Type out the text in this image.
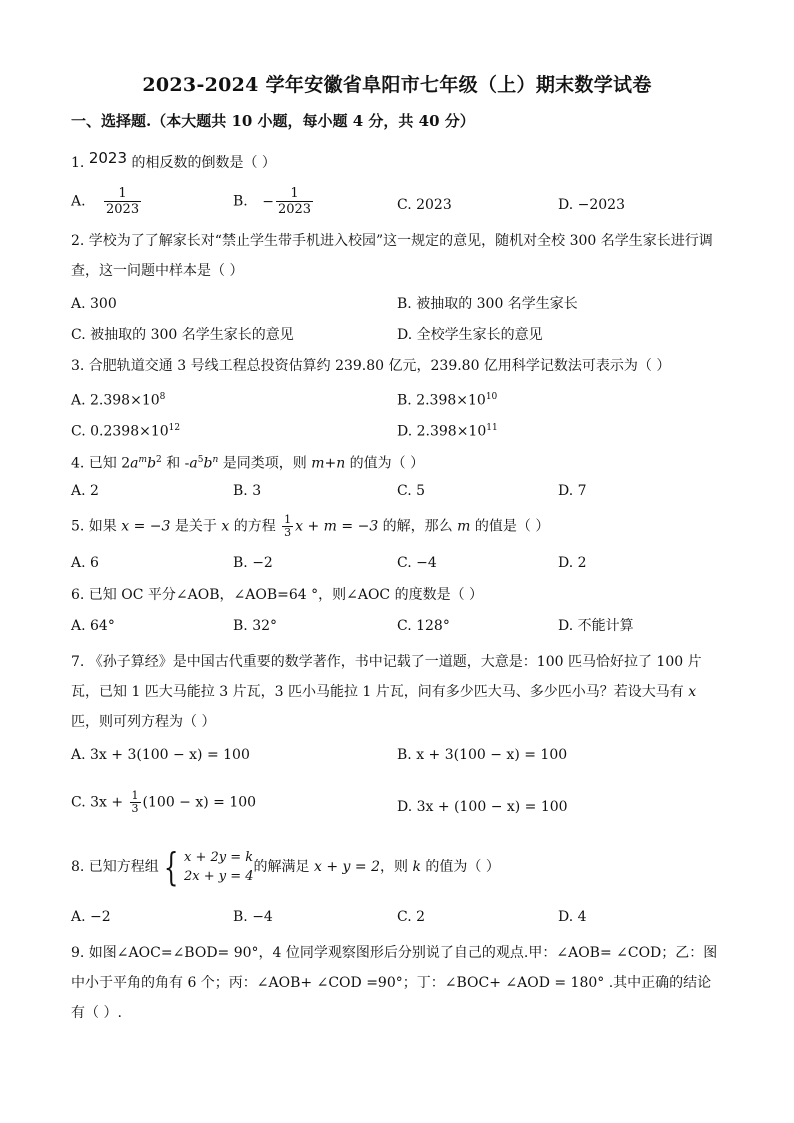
2023-2024 学年安徽省阜阳市七年级（上）期末数学试卷
一、选择题.（本大题共 10 小题，每小题 4 分，共 40 分）
1. 2023 的相反数的倒数是（ ）
A. $\frac{1}{2023}$	B. − $\frac{1}{2023}$	C. 2023	D. −2023
2. 学校为了了解家长对“禁止学生带手机进入校园”这一规定的意见，随机对全校 300 名学生家长进行调查，这一问题中样本是（ ）
A. 300	B. 被抽取的 300 名学生家长
C. 被抽取的 300 名学生家长的意见	D. 全校学生家长的意见
3. 合肥轨道交通 3 号线工程总投资估算约 239.80 亿元，239.80 亿用科学记数法可表示为（ ）
A. $2.398\times 10^8$	B. $2.398\times 10^{10}$
C. $0.2398\times 10^{12}$	D. $2.398\times 10^{11}$
4. 已知 $2a^mb^2$ 和 $-a^5b^n$ 是同类项，则 m+n 的值为（ ）
A. 2	B. 3	C. 5	D. 7
5. 如果 x = −3 是关于 x 的方程 $\frac{1}{3}$ x + m = −3 的解，那么 m 的值是（ ）
A. 6	B. −2	C. −4	D. 2
6. 已知 OC 平分∠AOB，∠AOB=64 °，则∠AOC 的度数是（ ）
A. 64°	B. 32°	C. 128°	D. 不能计算
7. 《孙子算经》是中国古代重要的数学著作，书中记载了一道题，大意是：100 匹马恰好拉了 100 片瓦，已知 1 匹大马能拉 3 片瓦，3 匹小马能拉 1 片瓦，问有多少匹大马、多少匹小马？若设大马有 x 匹，则可列方程为（ ）
A. 3x + 3(100 − x) = 100	B. x + 3(100 − x) = 100
C. $3x + \frac{1}{3} (100 - x) = 100$	D. 3x + (100 − x) = 100
8. 已知方程组 { x + 2y = k
2x + y = 4
的解满足 x + y = 2，则 k 的值为（ ）
A. −2	B. −4	C. 2	D. 4
9. 如图∠AOC=∠BOD= 90°，4 位同学观察图形后分别说了自己的观点.甲：∠AOB= ∠COD；乙：图中小于平角的角有 6 个；丙：∠AOB+ ∠COD =90°；丁：∠BOC+ ∠AOD = 180° .其中正确的结论有（ ）.
